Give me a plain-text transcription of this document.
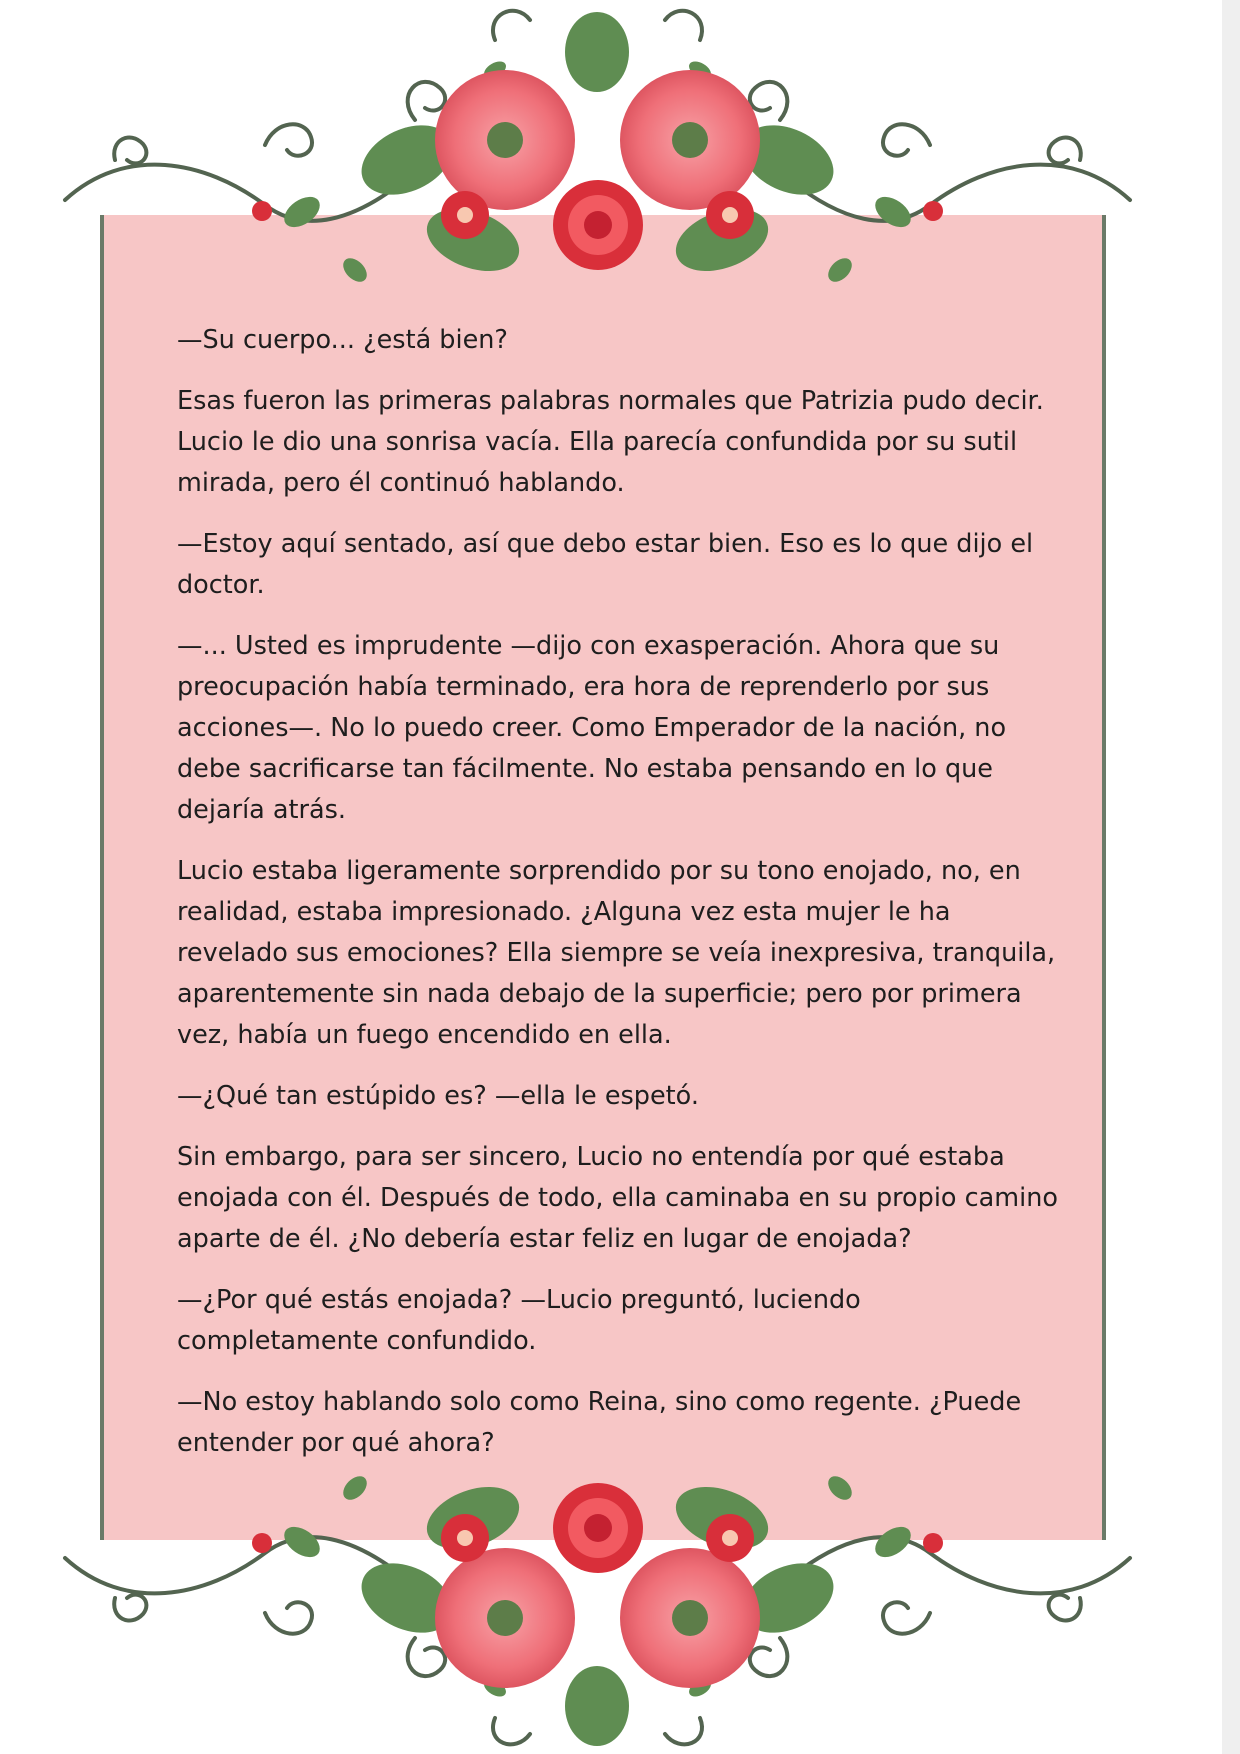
—Su cuerpo... ¿está bien?

Esas fueron las primeras palabras normales que Patrizia pudo decir. Lucio le dio una sonrisa vacía. Ella parecía confundida por su sutil mirada, pero él continuó hablando.

—Estoy aquí sentado, así que debo estar bien. Eso es lo que dijo el doctor.

—... Usted es imprudente —dijo con exasperación. Ahora que su preocupación había terminado, era hora de reprenderlo por sus acciones—. No lo puedo creer. Como Emperador de la nación, no debe sacrificarse tan fácilmente. No estaba pensando en lo que dejaría atrás.

Lucio estaba ligeramente sorprendido por su tono enojado, no, en realidad, estaba impresionado. ¿Alguna vez esta mujer le ha revelado sus emociones? Ella siempre se veía inexpresiva, tranquila, aparentemente sin nada debajo de la superficie; pero por primera vez, había un fuego encendido en ella.

—¿Qué tan estúpido es? —ella le espetó.

Sin embargo, para ser sincero, Lucio no entendía por qué estaba enojada con él. Después de todo, ella caminaba en su propio camino aparte de él. ¿No debería estar feliz en lugar de enojada?

—¿Por qué estás enojada? —Lucio preguntó, luciendo completamente confundido.

—No estoy hablando solo como Reina, sino como regente. ¿Puede entender por qué ahora?
